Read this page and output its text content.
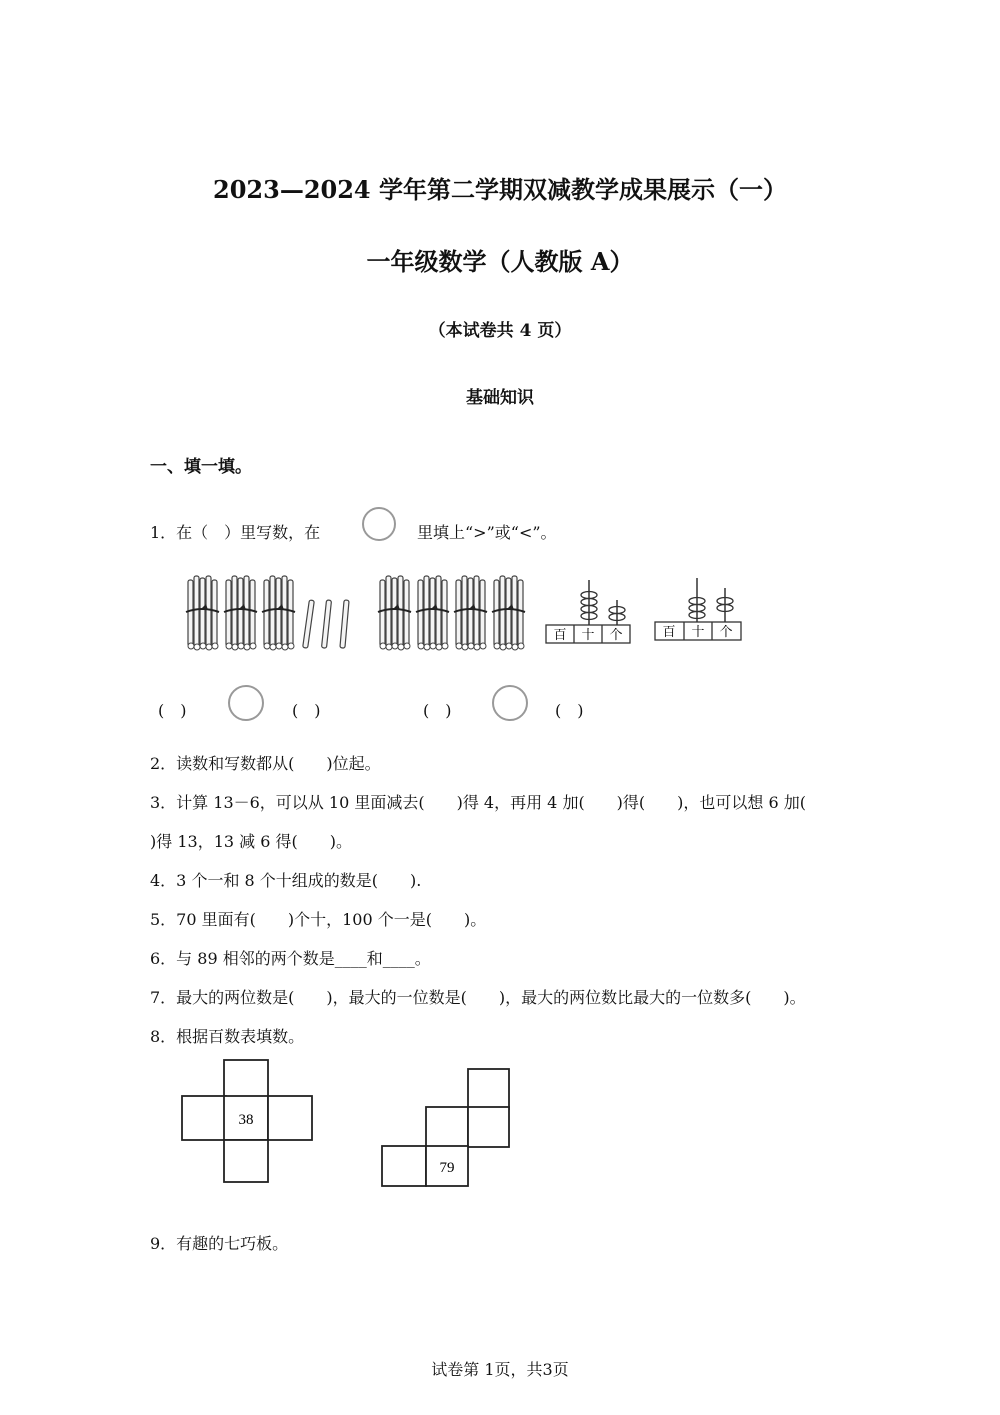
2023—2024 学年第二学期双减教学成果展示（一）
一年级数学（人教版 A）
（本试卷共 4 页）
基础知识
一、填一填。
1．在（　）里写数，在	里填上“>”或“<”。
百 十 个	百 十 个
(　)	(　)	(　)	(　)
2．读数和写数都从(　　)位起。
3．计算 13－6，可以从 10 里面减去(　　)得 4，再用 4 加(　　)得(　　)，也可以想 6 加(
)得 13，13 减 6 得(　　)。
4．3 个一和 8 个十组成的数是(　　).
5．70 里面有(　　)个十，100 个一是(　　)。
6．与 89 相邻的两个数是____和____。
7．最大的两位数是(　　)，最大的一位数是(　　)，最大的两位数比最大的一位数多(　　)。
8．根据百数表填数。
38
79
9．有趣的七巧板。
试卷第 1页，共3页
